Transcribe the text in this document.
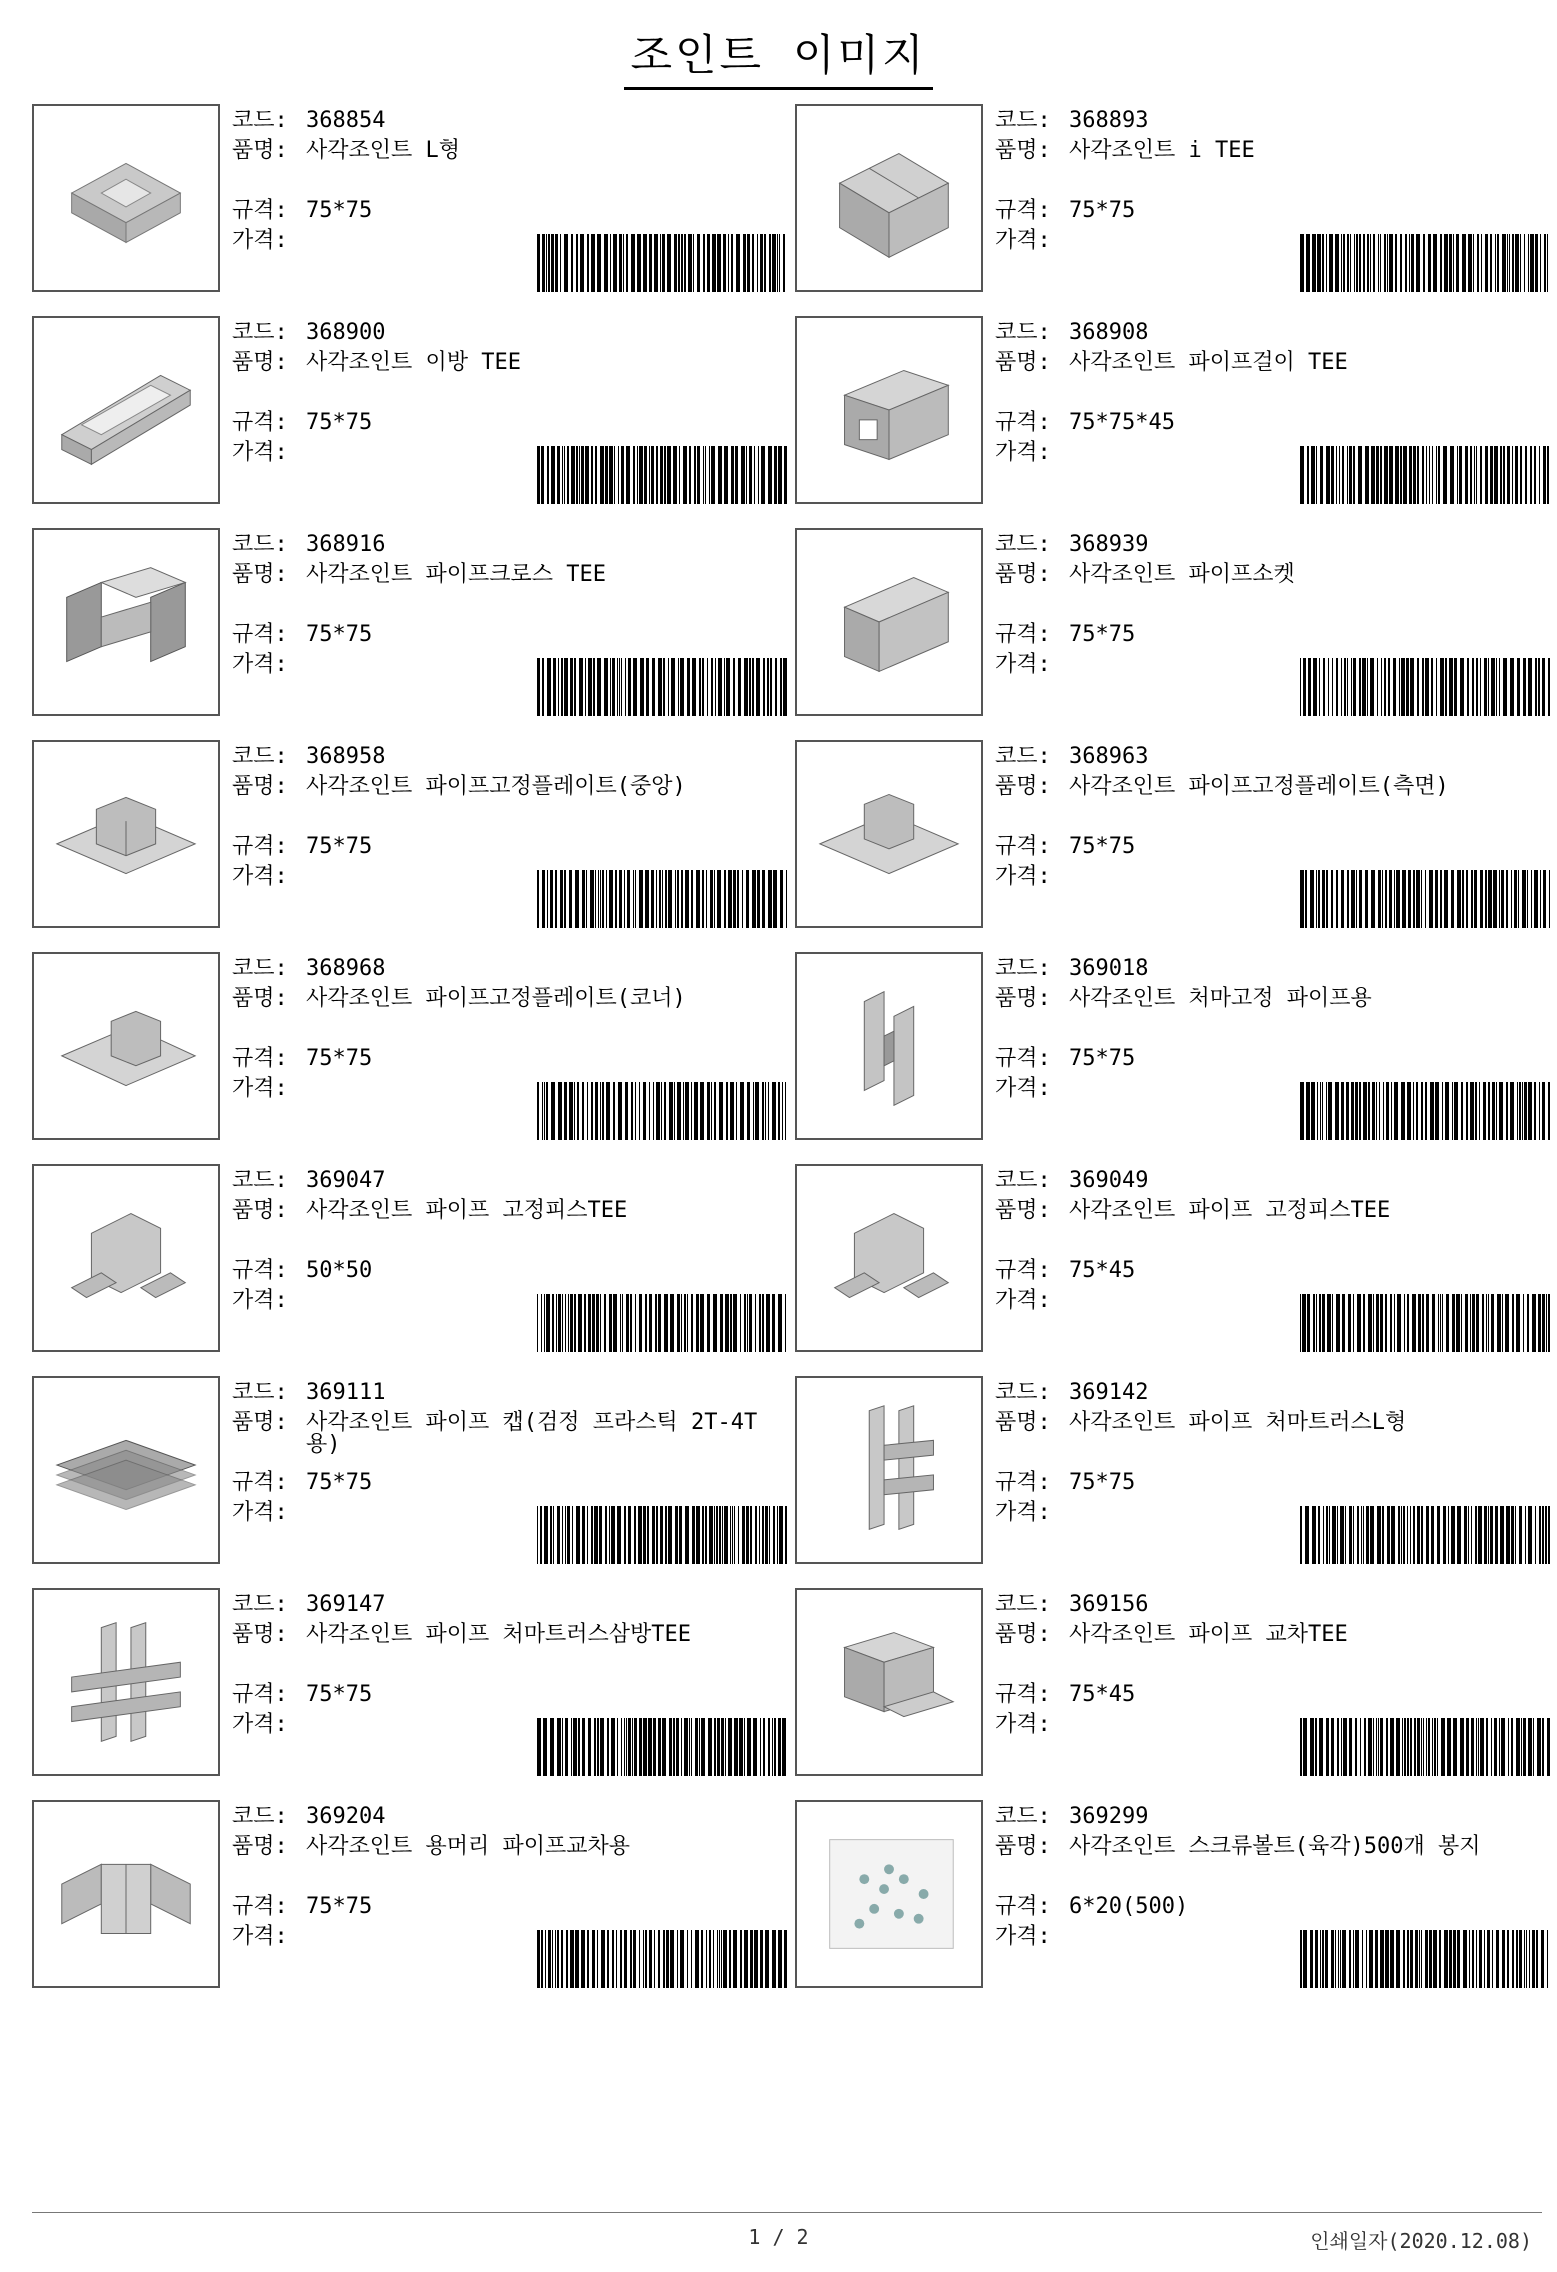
조인트 이미지
코드: 368854
품명: 사각조인트 L형
규격: 75*75
가격:
코드: 368893
품명: 사각조인트 i TEE
규격: 75*75
가격:
코드: 368900
품명: 사각조인트 이방 TEE
규격: 75*75
가격:
코드: 368908
품명: 사각조인트 파이프걸이 TEE
규격: 75*75*45
가격:
코드: 368916
품명: 사각조인트 파이프크로스 TEE
규격: 75*75
가격:
코드: 368939
품명: 사각조인트 파이프소켓
규격: 75*75
가격:
코드: 368958
품명: 사각조인트 파이프고정플레이트(중앙)
규격: 75*75
가격:
코드: 368963
품명: 사각조인트 파이프고정플레이트(측면)
규격: 75*75
가격:
코드: 368968
품명: 사각조인트 파이프고정플레이트(코너)
규격: 75*75
가격:
코드: 369018
품명: 사각조인트 처마고정 파이프용
규격: 75*75
가격:
코드: 369047
품명: 사각조인트 파이프 고정피스TEE
규격: 50*50
가격:
코드: 369049
품명: 사각조인트 파이프 고정피스TEE
규격: 75*45
가격:
코드: 369111
품명: 사각조인트 파이프 캡(검정 프라스틱 2T-4T용)
규격: 75*75
가격:
코드: 369142
품명: 사각조인트 파이프 처마트러스L형
규격: 75*75
가격:
코드: 369147
품명: 사각조인트 파이프 처마트러스삼방TEE
규격: 75*75
가격:
코드: 369156
품명: 사각조인트 파이프 교차TEE
규격: 75*45
가격:
코드: 369204
품명: 사각조인트 용머리 파이프교차용
규격: 75*75
가격:
코드: 369299
품명: 사각조인트 스크류볼트(육각)500개 봉지
규격: 6*20(500)
가격:
1 / 2	인쇄일자(2020.12.08)
